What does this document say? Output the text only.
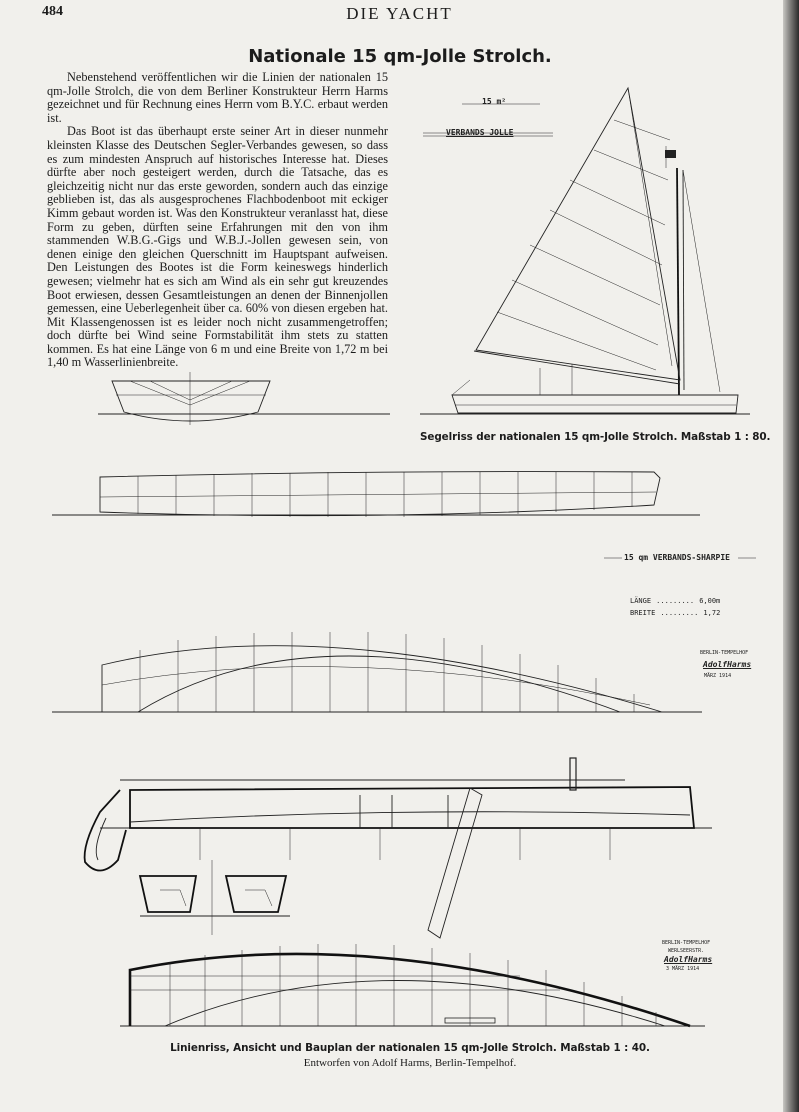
484	DIE YACHT
Nationale 15 qm-Jolle Strolch.

Nebenstehend veröffentlichen wir die Linien der nationalen 15 qm-Jolle Strolch, die von dem Berliner Konstrukteur Herrn Harms gezeichnet und für Rechnung eines Herrn vom B.Y.C. erbaut werden ist.

Das Boot ist das überhaupt erste seiner Art in dieser nunmehr kleinsten Klasse des Deutschen Segler-Verbandes gewesen, so dass es zum mindesten Anspruch auf historisches Interesse hat. Dieses dürfte aber noch gesteigert werden, durch die Tatsache, das es gleichzeitig nicht nur das erste geworden, sondern auch das einzige geblieben ist, das als ausgesprochenes Flachbodenboot mit eckiger Kimm gebaut worden ist. Was den Konstrukteur veranlasst hat, diese Form zu geben, dürften seine Erfahrungen mit den von ihm stammenden W.B.G.-Gigs und W.B.J.-Jollen gewesen sein, von denen einige den gleichen Querschnitt im Hauptspant aufweisen. Den Leistungen des Bootes ist die Form keineswegs hinderlich gewesen; vielmehr hat es sich am Wind als ein sehr gut kreuzendes Boot erwiesen, dessen Gesamtleistungen an denen der Binnenjollen gemessen, eine Ueberlegenheit über ca. 60% von diesen ergeben hat. Mit Klassengenossen ist es leider noch nicht zusammengetroffen; doch dürfte bei Wind seine Formstabilität ihm stets zu statten kommen. Es hat eine Länge von 6 m und eine Breite von 1,72 m bei 1,40 m Wasserlinienbreite.

15 m²
VERBANDS JOLLE
Segelriss der nationalen 15 qm-Jolle Strolch. Maßstab 1 : 80.
15 qm VERBANDS-SHARPIE
LÄNGE ......... 6,00m
BREITE ......... 1,72
BERLIN-TEMPELHOF
AdolfHarms
MÄRZ 1914
BERLIN-TEMPELHOF
WERLSEERSTR.
AdolfHarms
3 MÄRZ 1914
Linienriss, Ansicht und Bauplan der nationalen 15 qm-Jolle Strolch. Maßstab 1 : 40.
Entworfen von Adolf Harms, Berlin-Tempelhof.
